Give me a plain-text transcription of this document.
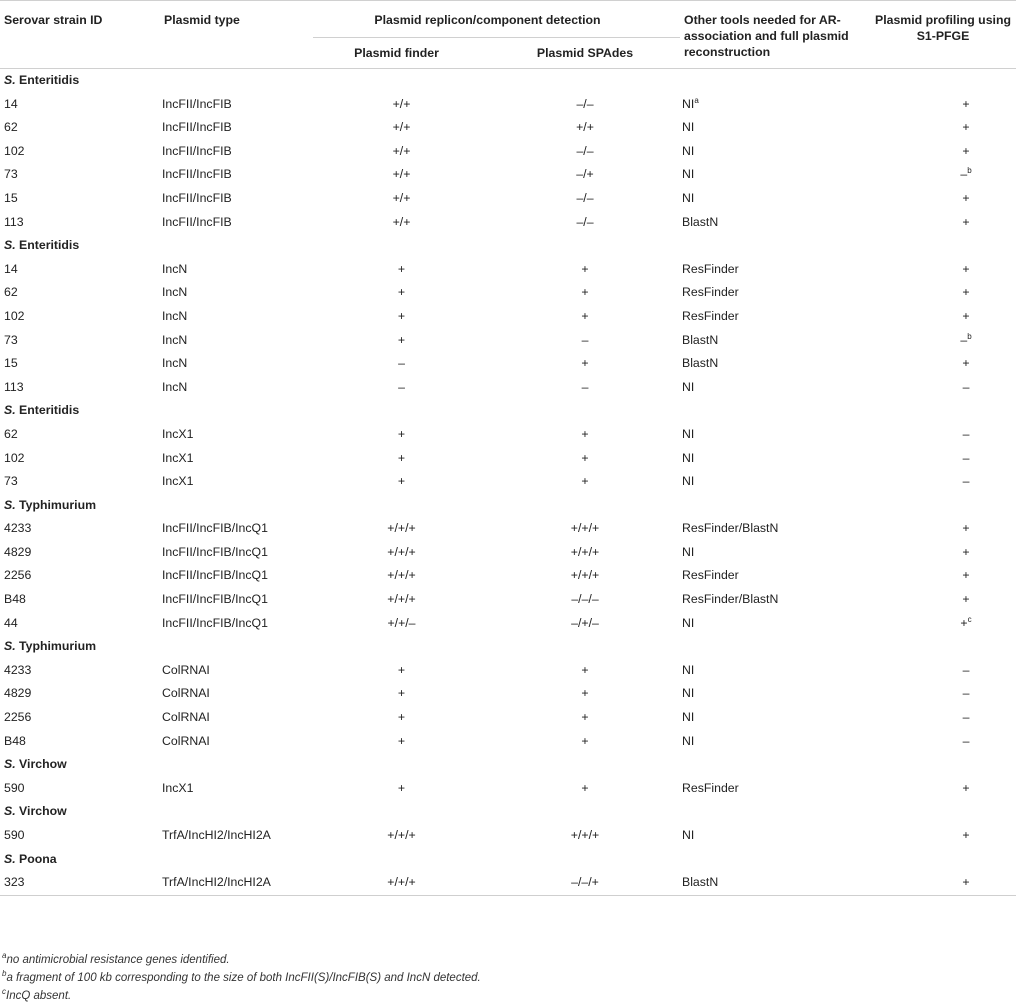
Serovar strain ID	Plasmid type	Plasmid replicon/component detection		Other tools needed for AR-association and full plasmid reconstruction	Plasmid profiling using S1-PFGE
		Plasmid finder	Plasmid SPAdes		

S. Enteritidis					
14	IncFII/IncFIB	+/+	–/–	$NI^a$	+
62	IncFII/IncFIB	+/+	+/+	NI	+
102	IncFII/IncFIB	+/+	–/–	NI	+
73	IncFII/IncFIB	+/+	–/+	NI	–$^b$
15	IncFII/IncFIB	+/+	–/–	NI	+
113	IncFII/IncFIB	+/+	–/–	BlastN	+
S. Enteritidis					
14	IncN	+	+	ResFinder	+
62	IncN	+	+	ResFinder	+
102	IncN	+	+	ResFinder	+
73	IncN	+	–	BlastN	–$^b$
15	IncN	–	+	BlastN	+
113	IncN	–	–	NI	–
S. Enteritidis					
62	IncX1	+	+	NI	–
102	IncX1	+	+	NI	–
73	IncX1	+	+	NI	–
S. Typhimurium					
4233	IncFII/IncFIB/IncQ1	+/+/+	+/+/+	ResFinder/BlastN	+
4829	IncFII/IncFIB/IncQ1	+/+/+	+/+/+	NI	+
2256	IncFII/IncFIB/IncQ1	+/+/+	+/+/+	ResFinder	+
B48	IncFII/IncFIB/IncQ1	+/+/+	–/–/–	ResFinder/BlastN	+
44	IncFII/IncFIB/IncQ1	+/+/–	–/+/–	NI	+$^c$
S. Typhimurium					
4233	ColRNAI	+	+	NI	–
4829	ColRNAI	+	+	NI	–
2256	ColRNAI	+	+	NI	–
B48	ColRNAI	+	+	NI	–
S. Virchow					
590	IncX1	+	+	ResFinder	+
S. Virchow					
590	TrfA/IncHI2/IncHI2A	+/+/+	+/+/+	NI	+
S. Poona					
323	TrfA/IncHI2/IncHI2A	+/+/+	–/–/+	BlastN	+
$^a$no antimicrobial resistance genes identified.
$^b$a fragment of 100 kb corresponding to the size of both IncFII(S)/IncFIB(S) and IncN detected.
$^c$IncQ absent.
